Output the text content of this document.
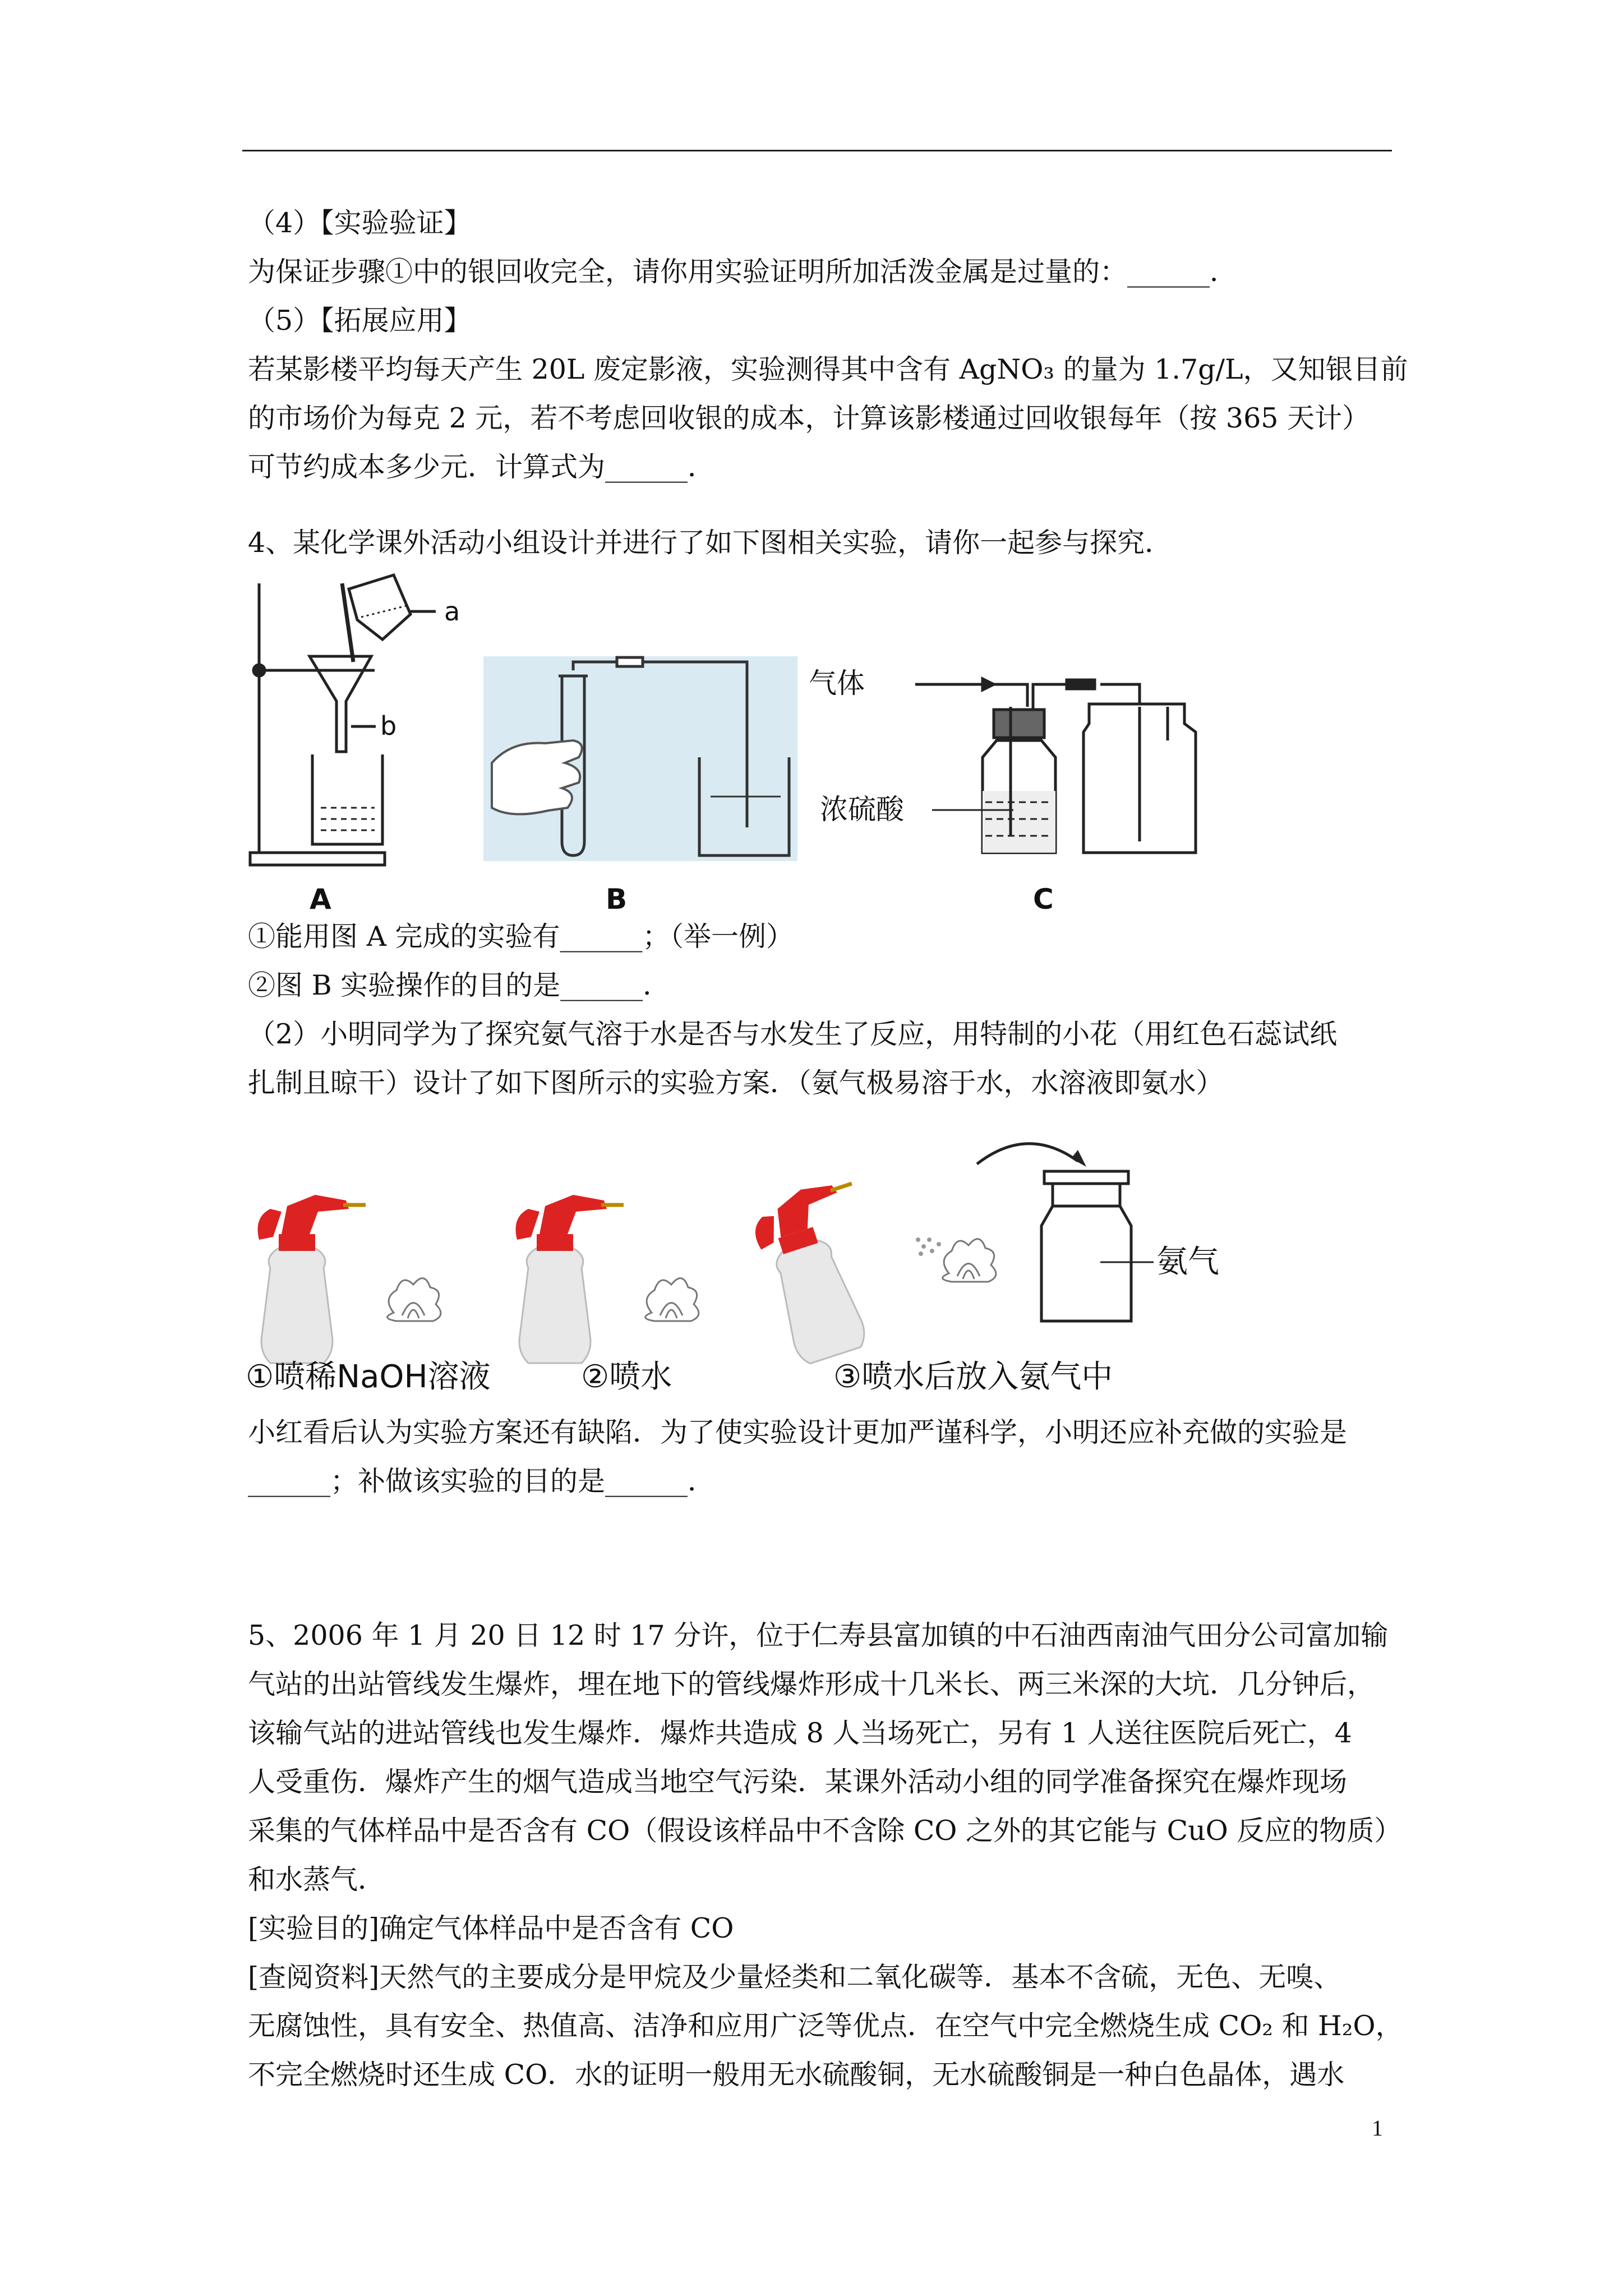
（4）【实验验证】
为保证步骤①中的银回收完全，请你用实验证明所加活泼金属是过量的：______．
（5）【拓展应用】
若某影楼平均每天产生 20L 废定影液，实验测得其中含有 AgNO₃ 的量为 1.7g/L，又知银目前
的市场价为每克 2 元，若不考虑回收银的成本，计算该影楼通过回收银每年（按 365 天计）
可节约成本多少元．计算式为______．
4、某化学课外活动小组设计并进行了如下图相关实验，请你一起参与探究．
a
b
气体
浓硫酸
A	B	C
①能用图 A 完成的实验有______；（举一例）
②图 B 实验操作的目的是______．
（2）小明同学为了探究氨气溶于水是否与水发生了反应，用特制的小花（用红色石蕊试纸
扎制且晾干）设计了如下图所示的实验方案．（氨气极易溶于水，水溶液即氨水）
氨气
①喷稀NaOH溶液	②喷水	③喷水后放入氨气中
小红看后认为实验方案还有缺陷．为了使实验设计更加严谨科学，小明还应补充做的实验是
______；补做该实验的目的是______．
5、2006 年 1 月 20 日 12 时 17 分许，位于仁寿县富加镇的中石油西南油气田分公司富加输
气站的出站管线发生爆炸，埋在地下的管线爆炸形成十几米长、两三米深的大坑．几分钟后，
该输气站的进站管线也发生爆炸．爆炸共造成 8 人当场死亡，另有 1 人送往医院后死亡，4
人受重伤．爆炸产生的烟气造成当地空气污染．某课外活动小组的同学准备探究在爆炸现场
采集的气体样品中是否含有 CO（假设该样品中不含除 CO 之外的其它能与 CuO 反应的物质）
和水蒸气．
[实验目的]确定气体样品中是否含有 CO
[查阅资料]天然气的主要成分是甲烷及少量烃类和二氧化碳等．基本不含硫，无色、无嗅、
无腐蚀性，具有安全、热值高、洁净和应用广泛等优点．在空气中完全燃烧生成 CO₂ 和 H₂O，
不完全燃烧时还生成 CO．水的证明一般用无水硫酸铜，无水硫酸铜是一种白色晶体，遇水
1
